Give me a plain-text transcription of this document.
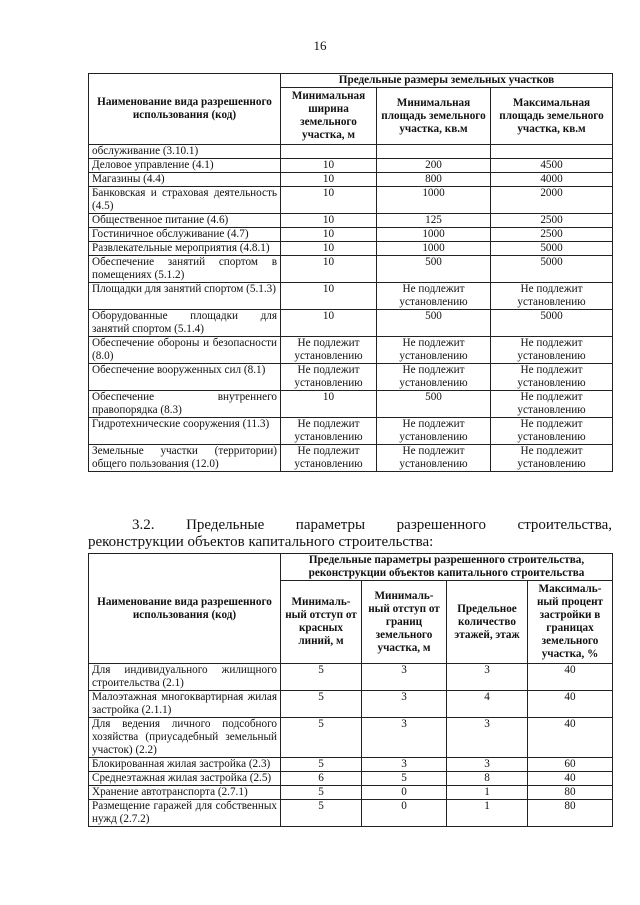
16
Наименование вида разрешенного использования (код)	Предельные размеры земельных участков		
	Минимальная ширина земельного участка, м	Минимальная площадь земельного участка, кв.м	Максимальная площадь земельного участка, кв.м
обслуживание (3.10.1)			
Деловое управление (4.1)	10	200	4500
Магазины (4.4)	10	800	4000
Банковская и страховая деятельность (4.5)	10	1000	2000
Общественное питание (4.6)	10	125	2500
Гостиничное обслуживание (4.7)	10	1000	2500
Развлекательные мероприятия (4.8.1)	10	1000	5000
Обеспечение занятий спортом в помещениях (5.1.2)	10	500	5000
Площадки для занятий спортом (5.1.3)	10	Не подлежит установлению	Не подлежит установлению
Оборудованные площадки для занятий спортом (5.1.4)	10	500	5000
Обеспечение обороны и безопасности (8.0)	Не подлежит установлению	Не подлежит установлению	Не подлежит установлению
Обеспечение вооруженных сил (8.1)	Не подлежит установлению	Не подлежит установлению	Не подлежит установлению
Обеспечение внутреннего правопорядка (8.3)	10	500	Не подлежит установлению
Гидротехнические сооружения (11.3)	Не подлежит установлению	Не подлежит установлению	Не подлежит установлению
Земельные участки (территории) общего пользования (12.0)	Не подлежит установлению	Не подлежит установлению	Не подлежит установлению
3.2. Предельные параметры разрешенного строительства,
реконструкции объектов капитального строительства:
Наименование вида разрешенного использования (код)	Предельные параметры разрешенного строительства, реконструкции объектов капитального строительства			
	Минималь-ный отступ от красных линий, м	Минималь-ный отступ от границ земельного участка, м	Предельное количество этажей, этаж	Максималь-ный процент застройки в границах земельного участка, %
Для индивидуального жилищного строительства (2.1)	5	3	3	40
Малоэтажная многоквартирная жилая застройка (2.1.1)	5	3	4	40
Для ведения личного подсобного хозяйства (приусадебный земельный участок) (2.2)	5	3	3	40
Блокированная жилая застройка (2.3)	5	3	3	60
Среднеэтажная жилая застройка (2.5)	6	5	8	40
Хранение автотранспорта (2.7.1)	5	0	1	80
Размещение гаражей для собственных нужд (2.7.2)	5	0	1	80
